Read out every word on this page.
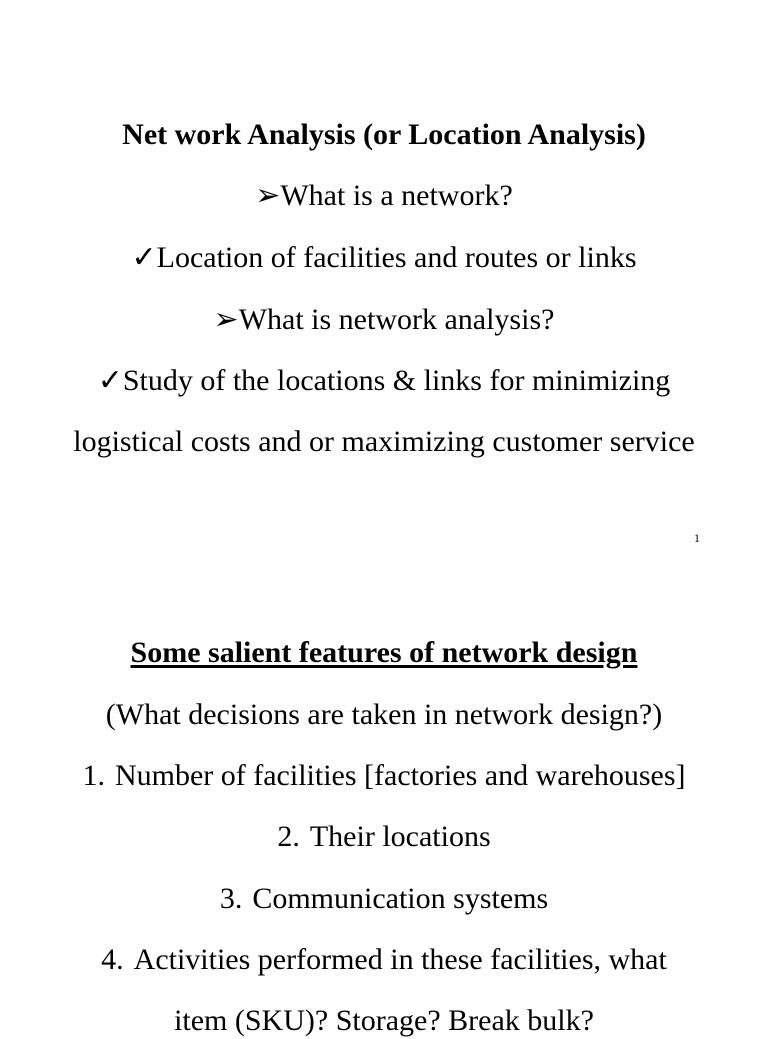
Net work Analysis (or Location Analysis)
➢What is a network?
✓Location of facilities and routes or links
➢What is network analysis?
✓Study of the locations & links for minimizing
logistical costs and or maximizing customer service
1
Some salient features of network design
(What decisions are taken in network design?)
1. Number of facilities [factories and warehouses]
2. Their locations
3. Communication systems
4. Activities performed in these facilities, what
item (SKU)? Storage? Break bulk?
